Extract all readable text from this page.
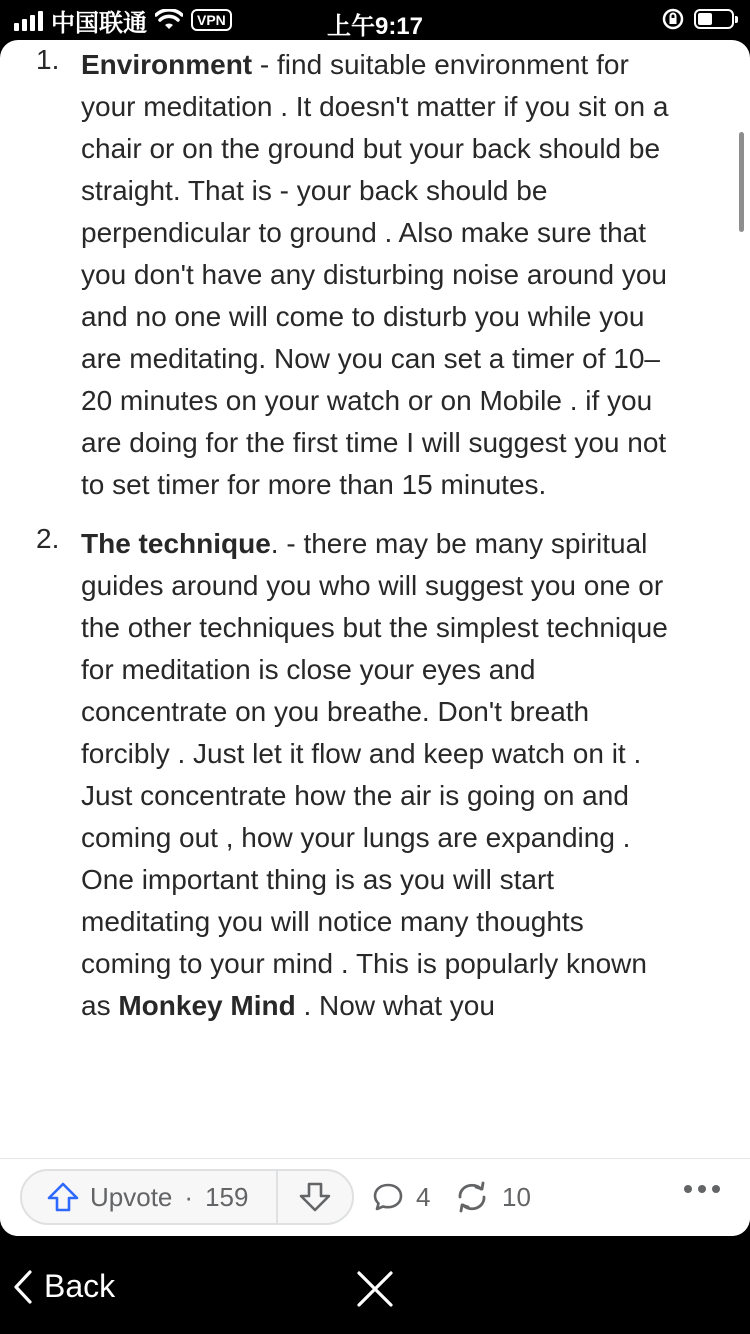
中国联通	VPN	上午9:17
1. Environment - find suitable environment for your meditation . It doesn't matter if you sit on a chair or on the ground but your back should be straight. That is - your back should be perpendicular to ground . Also make sure that you don't have any disturbing noise around you and no one will come to disturb you while you are meditating. Now you can set a timer of 10–20 minutes on your watch or on Mobile . if you are doing for the first time I will suggest you not to set timer for more than 15 minutes.
2. The technique. - there may be many spiritual guides around you who will suggest you one or the other techniques but the simplest technique for meditation is close your eyes and concentrate on you breathe. Don't breath forcibly . Just let it flow and keep watch on it . Just concentrate how the air is going on and coming out , how your lungs are expanding . One important thing is as you will start meditating you will notice many thoughts coming to your mind . This is popularly known as Monkey Mind . Now what you
Upvote · 159	4	10
Back
